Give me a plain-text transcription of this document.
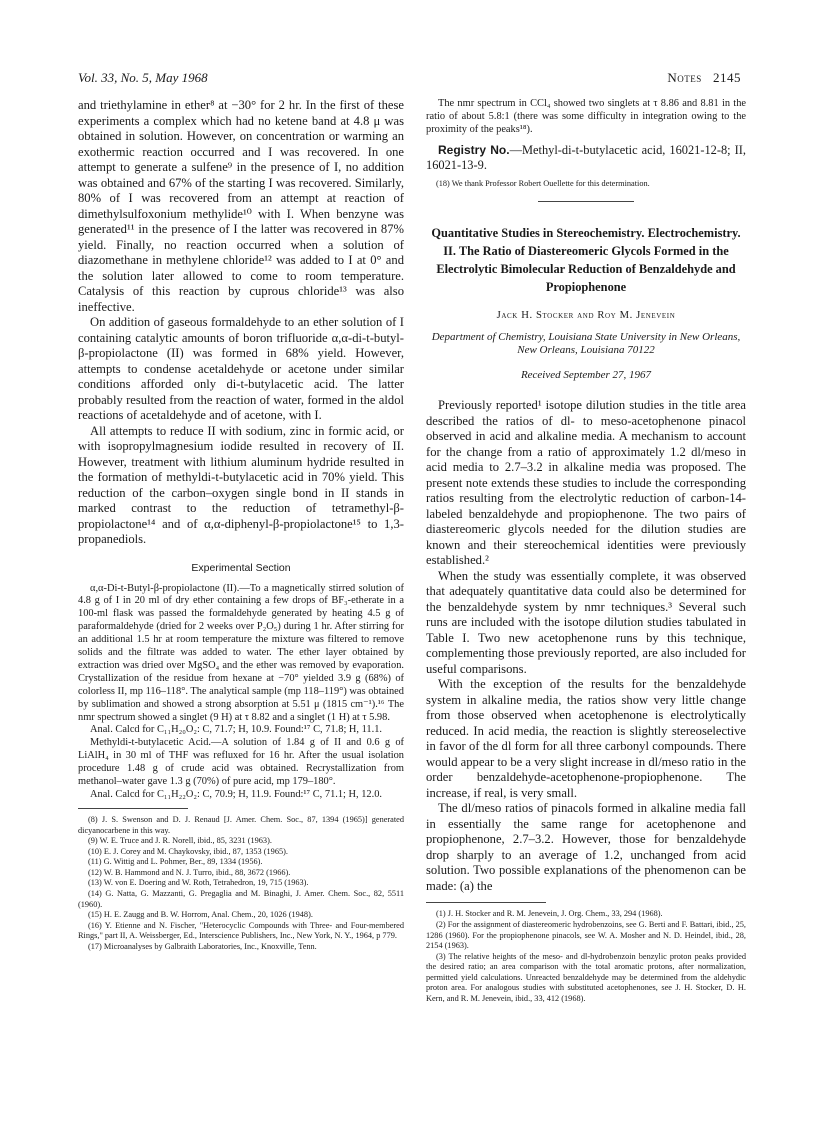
Vol. 33, No. 5, May 1968	Notes 2145

and triethylamine in ether⁸ at −30° for 2 hr. In the first of these experiments a complex which had no ketene band at 4.8 μ was obtained in solution. However, on concentration or warming an exothermic reaction occurred and I was recovered. In one attempt to generate a sulfene⁹ in the presence of I, no addition was obtained and 67% of the starting I was recovered. Similarly, 80% of I was recovered from an attempt at reaction of dimethylsulfoxonium methylide¹⁰ with I. When benzyne was generated¹¹ in the presence of I the latter was recovered in 87% yield. Finally, no reaction occurred when a solution of diazomethane in methylene chloride¹² was added to I at 0° and the solution later allowed to come to room temperature. Catalysis of this reaction by cuprous chloride¹³ was also ineffective.

On addition of gaseous formaldehyde to an ether solution of I containing catalytic amounts of boron trifluoride α,α-di-t-butyl-β-propiolactone (II) was formed in 68% yield. However, attempts to condense acetaldehyde or acetone under similar conditions afforded only di-t-butylacetic acid. The latter probably resulted from the reaction of water, formed in the aldol reactions of acetaldehyde and of acetone, with I.

All attempts to reduce II with sodium, zinc in formic acid, or with isopropylmagnesium iodide resulted in recovery of II. However, treatment with lithium aluminum hydride resulted in the formation of methyldi-t-butylacetic acid in 70% yield. This reduction of the carbon–oxygen single bond in II stands in marked contrast to the reduction of tetramethyl-β-propiolactone¹⁴ and of α,α-diphenyl-β-propiolactone¹⁵ to 1,3-propanediols.

Experimental Section

α,α-Di-t-Butyl-β-propiolactone (II).—To a magnetically stirred solution of 4.8 g of I in 20 ml of dry ether containing a few drops of BF₃-etherate in a 100-ml flask was passed the formaldehyde generated by heating 4.5 g of paraformaldehyde (dried for 2 weeks over P₂O₅) during 1 hr. After stirring for an additional 1.5 hr at room temperature the mixture was filtered to remove solids and the filtrate was added to water. The ether layer obtained by extraction was dried over MgSO₄ and the ether was removed by evaporation. Crystallization of the residue from hexane at −70° yielded 3.9 g (68%) of colorless II, mp 116–118°. The analytical sample (mp 118–119°) was obtained by sublimation and showed a strong absorption at 5.51 μ (1815 cm⁻¹).¹⁶ The nmr spectrum showed a singlet (9 H) at τ 8.82 and a singlet (1 H) at τ 5.98.

Anal. Calcd for C₁₁H₂₀O₂: C, 71.7; H, 10.9. Found:¹⁷ C, 71.8; H, 11.1.

Methyldi-t-butylacetic Acid.—A solution of 1.84 g of II and 0.6 g of LiAlH₄ in 30 ml of THF was refluxed for 16 hr. After the usual isolation procedure 1.48 g of crude acid was obtained. Recrystallization from methanol–water gave 1.3 g (70%) of pure acid, mp 179–180°.

Anal. Calcd for C₁₁H₂₂O₂: C, 70.9; H, 11.9. Found:¹⁷ C, 71.1; H, 12.0.

(8) J. S. Swenson and D. J. Renaud [J. Amer. Chem. Soc., 87, 1394 (1965)] generated dicyanocarbene in this way.

(9) W. E. Truce and J. R. Norell, ibid., 85, 3231 (1963).

(10) E. J. Corey and M. Chaykovsky, ibid., 87, 1353 (1965).

(11) G. Wittig and L. Pohmer, Ber., 89, 1334 (1956).

(12) W. B. Hammond and N. J. Turro, ibid., 88, 3672 (1966).

(13) W. von E. Doering and W. Roth, Tetrahedron, 19, 715 (1963).

(14) G. Natta, G. Mazzanti, G. Pregaglia and M. Binaghi, J. Amer. Chem. Soc., 82, 5511 (1960).

(15) H. E. Zaugg and B. W. Horrom, Anal. Chem., 20, 1026 (1948).

(16) Y. Etienne and N. Fischer, "Heterocyclic Compounds with Three- and Four-membered Rings," part II, A. Weissberger, Ed., Interscience Publishers, Inc., New York, N. Y., 1964, p 779.

(17) Microanalyses by Galbraith Laboratories, Inc., Knoxville, Tenn.

The nmr spectrum in CCl₄ showed two singlets at τ 8.86 and 8.81 in the ratio of about 5.8:1 (there was some difficulty in integration owing to the proximity of the peaks¹⁸).

Registry No.—Methyl-di-t-butylacetic acid, 16021-12-8; II, 16021-13-9.

(18) We thank Professor Robert Ouellette for this determination.

Quantitative Studies in Stereochemistry. Electrochemistry. II. The Ratio of Diastereomeric Glycols Formed in the Electrolytic Bimolecular Reduction of Benzaldehyde and Propiophenone
Jack H. Stocker and Roy M. Jenevein
Department of Chemistry, Louisiana State University in New Orleans, New Orleans, Louisiana 70122
Received September 27, 1967

Previously reported¹ isotope dilution studies in the title area described the ratios of dl- to meso-acetophenone pinacol observed in acid and alkaline media. A mechanism to account for the change from a ratio of approximately 1.2 dl/meso in acid media to 2.7–3.2 in alkaline media was proposed. The present note extends these studies to include the corresponding ratios resulting from the electrolytic reduction of carbon-14-labeled benzaldehyde and propiophenone. The two pairs of diastereomeric glycols needed for the dilution studies are known and their stereochemical identities were previously established.²

When the study was essentially complete, it was observed that adequately quantitative data could also be determined for the benzaldehyde system by nmr techniques.³ Several such runs are included with the isotope dilution studies tabulated in Table I. Two new acetophenone runs by this technique, complementing those previously reported, are also included for useful comparisons.

With the exception of the results for the benzaldehyde system in alkaline media, the ratios show very little change from those observed when acetophenone is electrolytically reduced. In acid media, the reaction is slightly stereoselective in favor of the dl form for all three carbonyl compounds. There would appear to be a very slight increase in dl/meso ratio in the order benzaldehyde-acetophenone-propiophenone. The increase, if real, is very small.

The dl/meso ratios of pinacols formed in alkaline media fall in essentially the same range for acetophenone and propiophenone, 2.7–3.2. However, those for benzaldehyde drop sharply to an average of 1.2, unchanged from acid solution. Two possible explanations of the phenomenon can be made: (a) the

(1) J. H. Stocker and R. M. Jenevein, J. Org. Chem., 33, 294 (1968).

(2) For the assignment of diastereomeric hydrobenzoins, see G. Berti and F. Battari, ibid., 25, 1286 (1960). For the propiophenone pinacols, see W. A. Mosher and N. D. Heindel, ibid., 28, 2154 (1963).

(3) The relative heights of the meso- and dl-hydrobenzoin benzylic proton peaks provided the desired ratio; an area comparison with the total aromatic protons, after normalization, permitted yield calculations. Unreacted benzaldehyde may be determined from the aldehydic proton area. For analogous studies with substituted acetophenones, see J. H. Stocker, D. H. Kern, and R. M. Jenevein, ibid., 33, 412 (1968).
